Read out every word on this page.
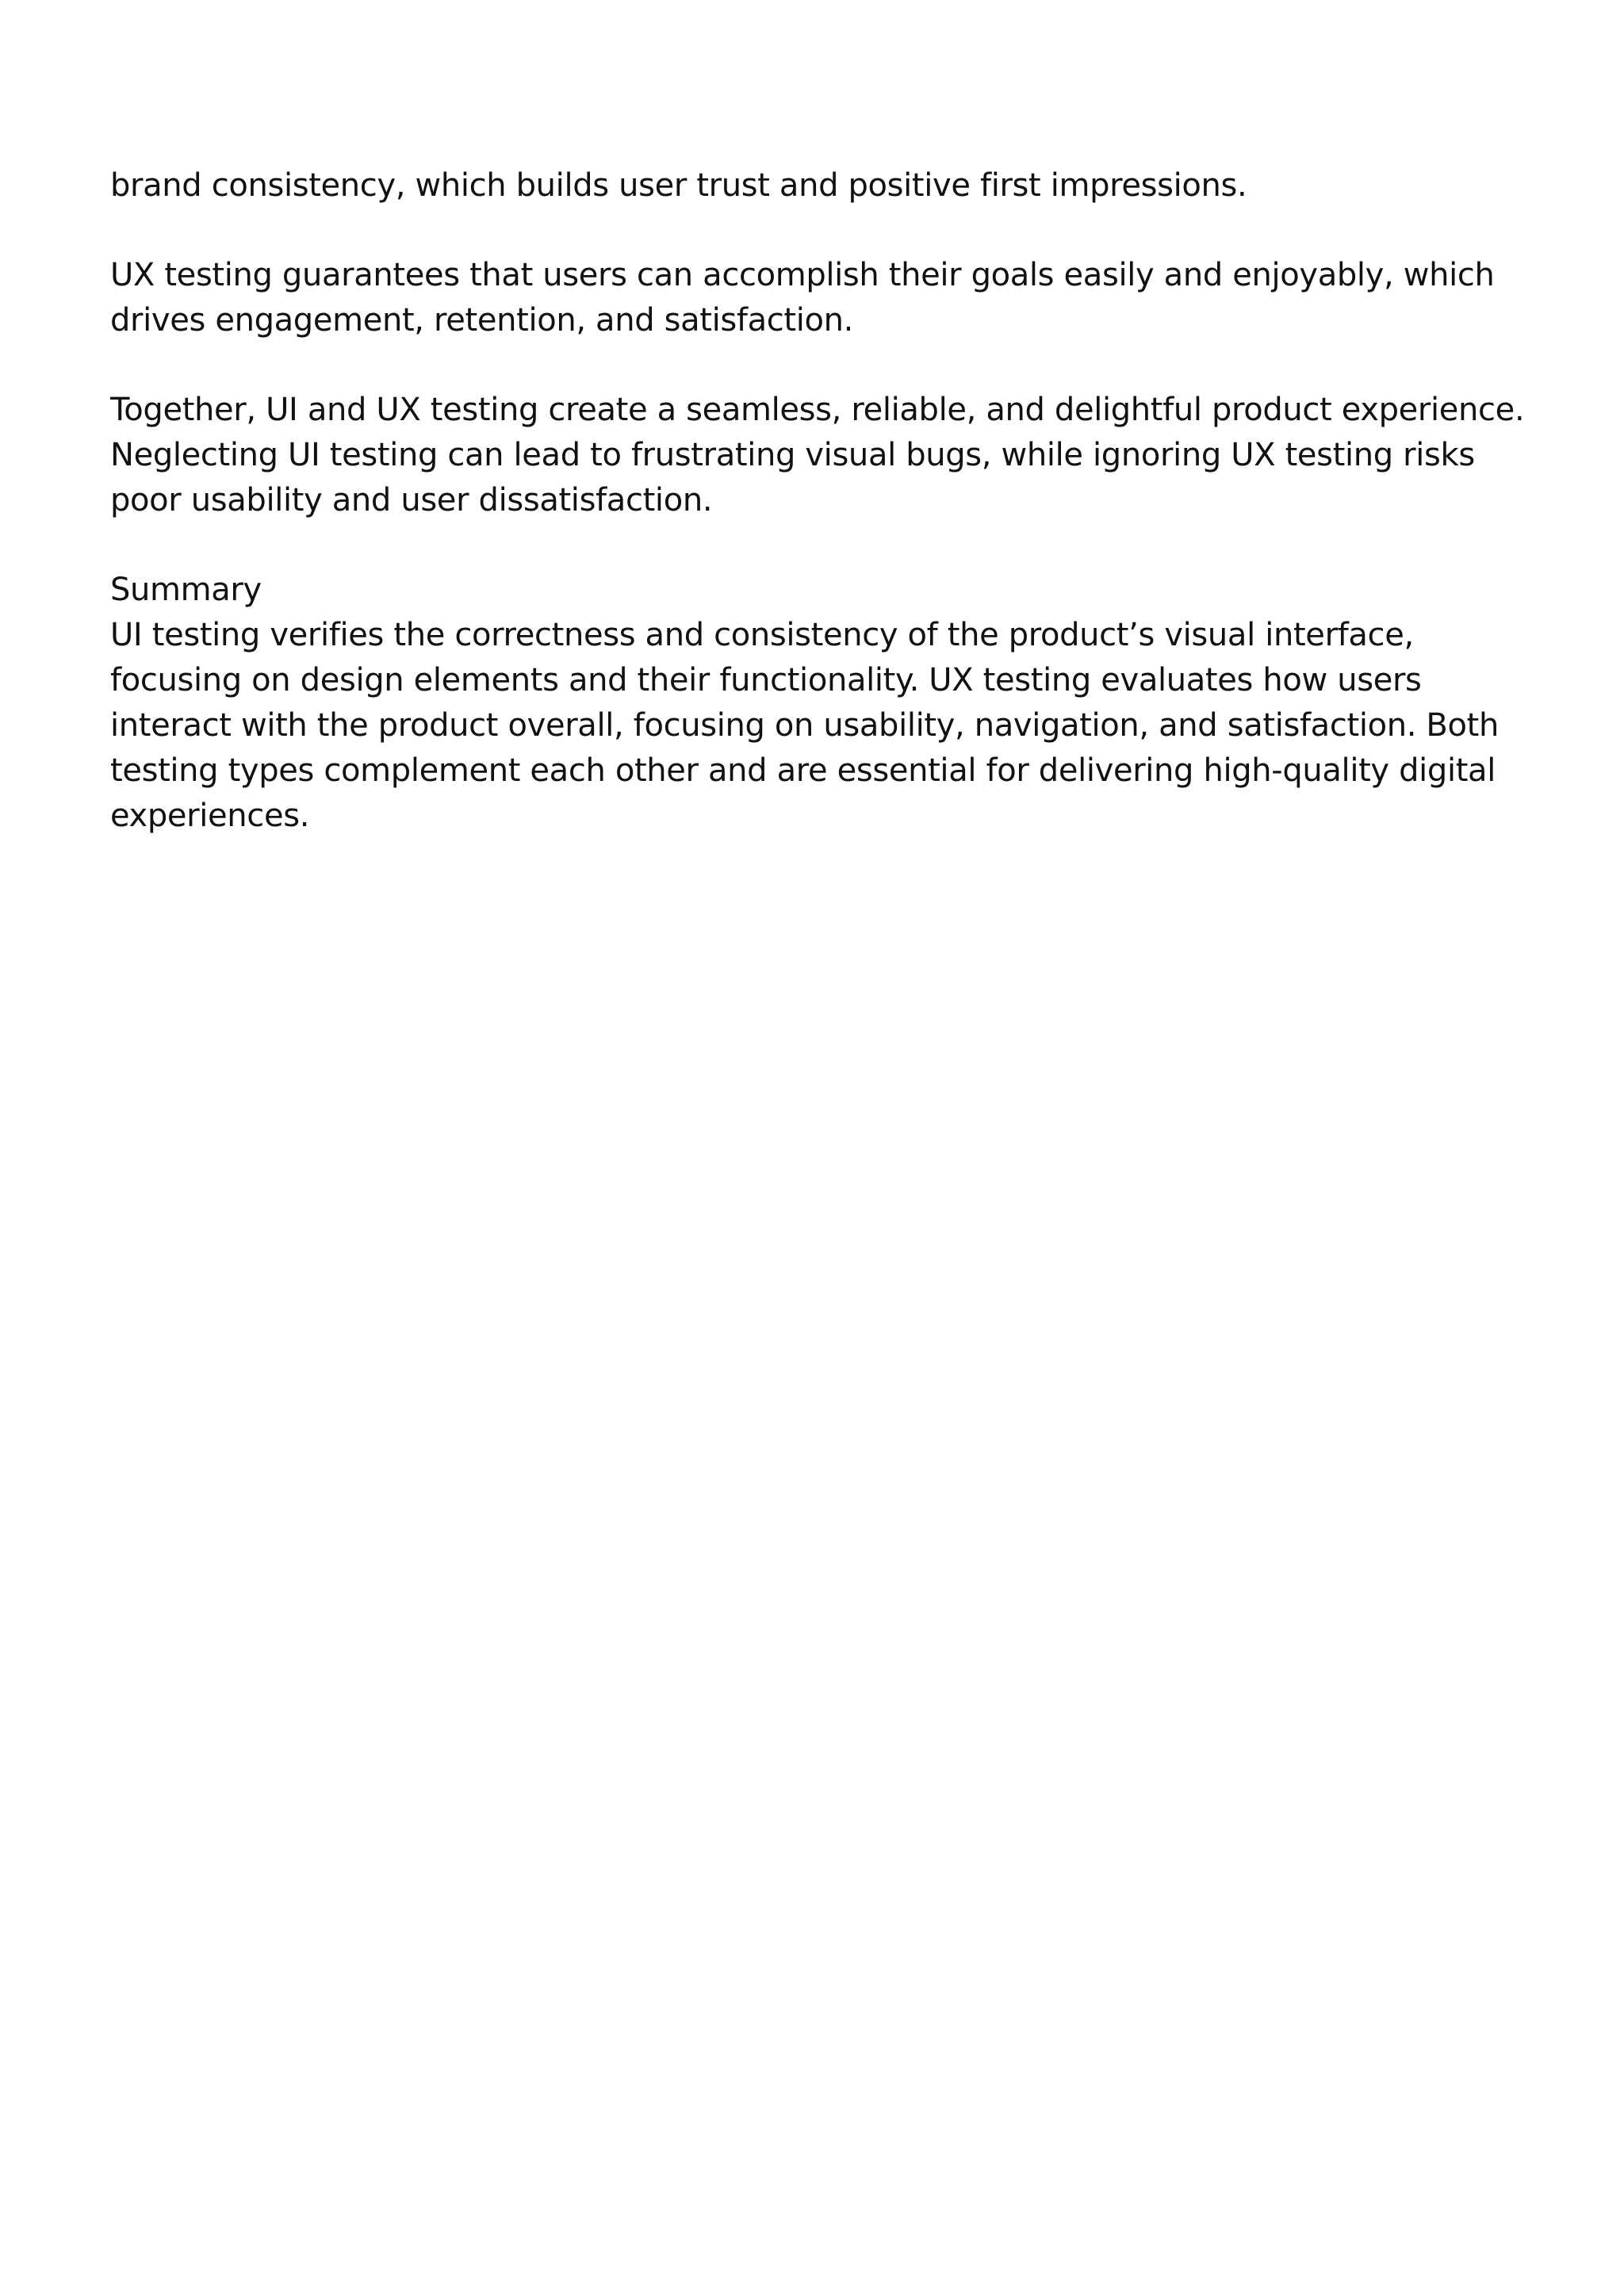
brand consistency, which builds user trust and positive first impressions.

UX testing guarantees that users can accomplish their goals easily and enjoyably, which
drives engagement, retention, and satisfaction.

Together, UI and UX testing create a seamless, reliable, and delightful product experience.
Neglecting UI testing can lead to frustrating visual bugs, while ignoring UX testing risks
poor usability and user dissatisfaction.

Summary
UI testing verifies the correctness and consistency of the product’s visual interface,
focusing on design elements and their functionality. UX testing evaluates how users
interact with the product overall, focusing on usability, navigation, and satisfaction. Both
testing types complement each other and are essential for delivering high-quality digital
experiences.
